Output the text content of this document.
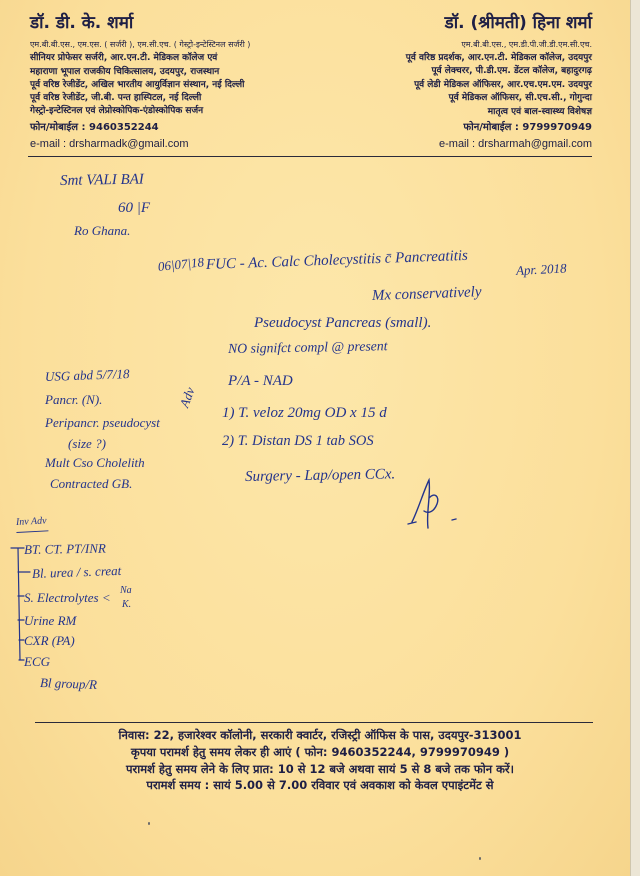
डॉ. डी. के. शर्मा
एम.बी.बी.एस., एम.एस. ( सर्जरी ), एम.सी.एच. ( गेस्ट्रो-इन्टेस्टिनल सर्जरी )
सीनियर प्रोफेसर सर्जरी, आर.एन.टी. मेडिकल कॉलेज एवं
महाराणा भूपाल राजकीय चिकित्सालय, उदयपुर, राजस्थान
पूर्व वरिष्ठ रेजीडेंट, अखिल भारतीय आयुर्विज्ञान संस्थान, नई दिल्ली
पूर्व वरिष्ठ रेजीडेंट, जी.बी. पन्त हास्पिटल, नई दिल्ली
गेस्ट्रो-इन्टेस्टिनल एवं लेप्रोस्कोपिक-एंडोस्कोपिक सर्जन
फोन/मोबाईल : 9460352244
e-mail : drsharmadk@gmail.com
डॉ. (श्रीमती) हिना शर्मा
एम.बी.बी.एस., एम.डी.पी.जी.डी.एम.सी.एच.
पूर्व वरिष्ठ प्रदर्शक, आर.एन.टी. मेडिकल कॉलेज, उदयपुर
पूर्व लेक्चरर, पी.डी.एम. डेंटल कॉलेज, बहादुरगढ़
पूर्व लेडी मेडिकल ऑफिसर, आर.एच.एम.एम. उदयपुर
पूर्व मेडिकल ऑफिसर, सी.एच.सी., गोगुन्दा
मातृत्व एवं बाल-स्वास्थ्य विशेषज्ञ
फोन/मोबाईल : 9799970949
e-mail : drsharmah@gmail.com
Smt VALI BAI
60 |F
Ro Ghana.
06|07|18 FUC - Ac. Calc Cholecystitis c̄ Pancreatitis	Apr. 2018
Mx conservatively
Pseudocyst Pancreas (small).
NO signifct compl @ present
P/A - NAD
USG abd 5/7/18
Pancr. (N).
Peripancr. pseudocyst
(size ?)
Mult Cso Cholelith
Contracted GB.
Adv
1) T. veloz 20mg OD x 15 d
2) T. Distan DS 1 tab SOS
Surgery - Lap/open CCx.
Inv Adv
BT. CT. PT/INR
Bl. urea / s. creat
S. Electrolytes < Na
K.
Urine RM
CXR (PA)
ECG
Bl group/R
निवास: 22, हजारेश्वर कॉलोनी, सरकारी क्वार्टर, रजिस्ट्री ऑफिस के पास, उदयपुर-313001
कृपया परामर्श हेतु समय लेकर ही आएं ( फोन: 9460352244, 9799970949 )
परामर्श हेतु समय लेने के लिए प्रात: 10 से 12 बजे अथवा सायं 5 से 8 बजे तक फोन करें।
परामर्श समय : सायं 5.00 से 7.00 रविवार एवं अवकाश को केवल एपाइंटमेंट से
